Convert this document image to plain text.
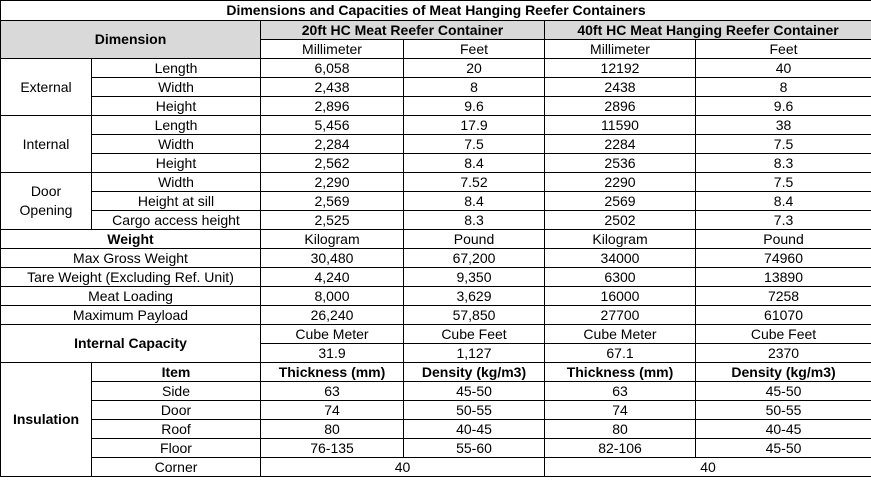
Dimensions and Capacities of Meat Hanging Reefer Containers					
Dimension		20ft HC Meat Reefer Container		40ft HC Meat Hanging Reefer Container	
		Millimeter	Feet	Millimeter	Feet
External	Length	6,058	20	12192	40
	Width	2,438	8	2438	8
	Height	2,896	9.6	2896	9.6
Internal	Length	5,456	17.9	11590	38
	Width	2,284	7.5	2284	7.5
	Height	2,562	8.4	2536	8.3
Door
Opening	Width	2,290	7.52	2290	7.5
	Height at sill	2,569	8.4	2569	8.4
	Cargo access height	2,525	8.3	2502	7.3
Weight		Kilogram	Pound	Kilogram	Pound
Max Gross Weight		30,480	67,200	34000	74960
Tare Weight (Excluding Ref. Unit)		4,240	9,350	6300	13890
Meat Loading		8,000	3,629	16000	7258
Maximum Payload		26,240	57,850	27700	61070
Internal Capacity		Cube Meter	Cube Feet	Cube Meter	Cube Feet
		31.9	1,127	67.1	2370
Insulation	Item	Thickness (mm)	Density (kg/m3)	Thickness (mm)	Density (kg/m3)
	Side	63	45-50	63	45-50
	Door	74	50-55	74	50-55
	Roof	80	40-45	80	40-45
	Floor	76-135	55-60	82-106	45-50
	Corner	40		40	
